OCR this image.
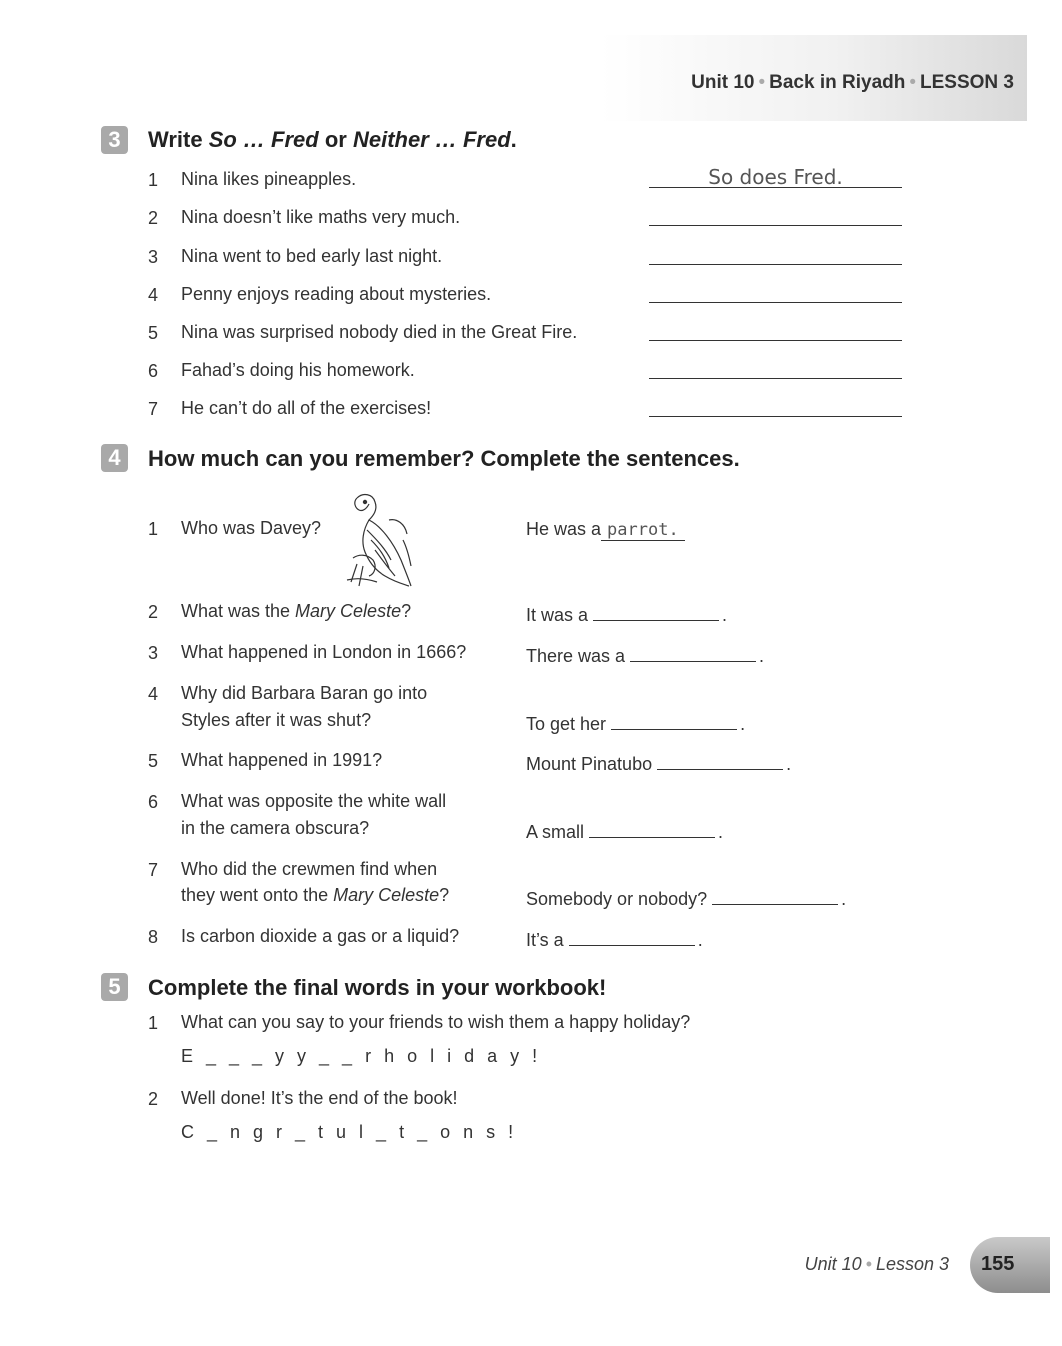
Unit 10 • Back in Riyadh • LESSON 3
3	Write So … Fred or Neither … Fred.
1 Nina likes pineapples.	So does Fred.
2 Nina doesn’t like maths very much.
3 Nina went to bed early last night.
4 Penny enjoys reading about mysteries.
5 Nina was surprised nobody died in the Great Fire.
6 Fahad’s doing his homework.
7 He can’t do all of the exercises!
4	How much can you remember? Complete the sentences.
1 Who was Davey?	He was a parrot.
2 What was the Mary Celeste?	It was a	.
3 What happened in London in 1666?	There was a	.
4 Why did Barbara Baran go into
Styles after it was shut?	To get her	.
5 What happened in 1991?	Mount Pinatubo	.
6 What was opposite the white wall
in the camera obscura?	A small	.
7 Who did the crewmen find when
they went onto the Mary Celeste?	Somebody or nobody?	.
8 Is carbon dioxide a gas or a liquid?	It’s a	.
5	Complete the final words in your workbook!
1 What can you say to your friends to wish them a happy holiday?
E _ _ _ y y _ _ r h o l i d a y !
2 Well done! It’s the end of the book!
C _ n g r _ t u l _ t _ o n s !
Unit 10 • Lesson 3 155
